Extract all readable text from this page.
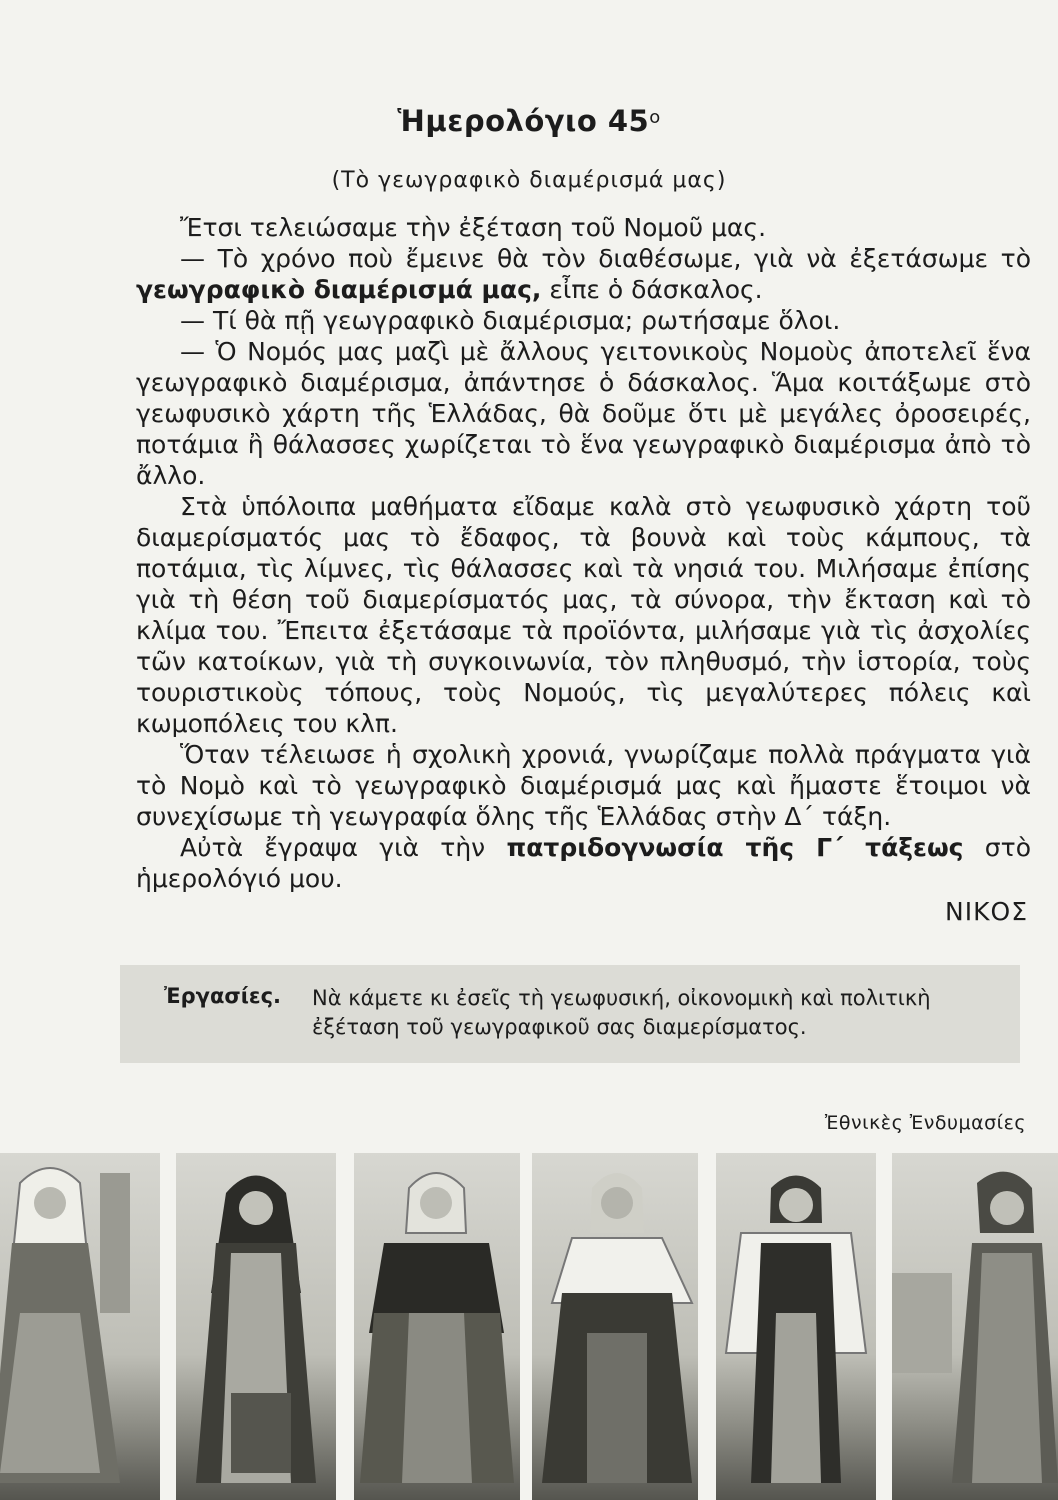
Ἡμερολόγιο $45^o$
(Τὸ γεωγραφικὸ διαμέρισμά μας)

Ἔτσι τελειώσαμε τὴν ἐξέταση τοῦ Νομοῦ μας.

— Τὸ χρόνο ποὺ ἔμεινε θὰ τὸν διαθέσωμε, γιὰ νὰ ἐξετάσωμε τὸ γεωγραφικὸ διαμέρισμά μας, εἶπε ὁ δάσκαλος.

— Τί θὰ πῇ γεωγραφικὸ διαμέρισμα; ρωτήσαμε ὅλοι.

— Ὁ Νομός μας μαζὶ μὲ ἄλλους γειτονικοὺς Νομοὺς ἀποτελεῖ ἕνα γεωγραφικὸ διαμέρισμα, ἀπάντησε ὁ δάσκαλος. Ἅμα κοιτάξωμε στὸ γεωφυσικὸ χάρτη τῆς Ἑλλάδας, θὰ δοῦμε ὅτι μὲ μεγάλες ὀροσειρές, ποτάμια ἢ θάλασσες χωρίζεται τὸ ἕνα γεωγραφικὸ διαμέρισμα ἀπὸ τὸ ἄλλο.

Στὰ ὑπόλοιπα μαθήματα εἴδαμε καλὰ στὸ γεωφυσικὸ χάρτη τοῦ διαμερίσματός μας τὸ ἔδαφος, τὰ βουνὰ καὶ τοὺς κάμπους, τὰ ποτάμια, τὶς λίμνες, τὶς θάλασσες καὶ τὰ νησιά του. Μιλήσαμε ἐπίσης γιὰ τὴ θέση τοῦ διαμερίσματός μας, τὰ σύνορα, τὴν ἔκταση καὶ τὸ κλίμα του. Ἔπειτα ἐξετάσαμε τὰ προϊόντα, μιλήσαμε γιὰ τὶς ἀσχολίες τῶν κατοίκων, γιὰ τὴ συγκοινωνία, τὸν πληθυσμό, τὴν ἱστορία, τοὺς τουριστικοὺς τόπους, τοὺς Νομούς, τὶς μεγαλύτερες πόλεις καὶ κωμοπόλεις του κλπ.

Ὅταν τέλειωσε ἡ σχολικὴ χρονιά, γνωρίζαμε πολλὰ πράγματα γιὰ τὸ Νομὸ καὶ τὸ γεωγραφικὸ διαμέρισμά μας καὶ ἤμαστε ἕτοιμοι νὰ συνεχίσωμε τὴ γεωγραφία ὅλης τῆς Ἑλλάδας στὴν Δ΄ τάξη.

Αὐτὰ ἔγραψα γιὰ τὴν πατριδογνωσία τῆς Γ΄ τάξεως στὸ ἡμερολόγιό μου.

ΝΙΚΟΣ
Ἐργασίες. Νὰ κάμετε κι ἐσεῖς τὴ γεωφυσική, οἰκονομικὴ καὶ πολιτικὴ ἐξέταση τοῦ γεωγραφικοῦ σας διαμερίσματος.
Ἐθνικὲς Ἐνδυμασίες
